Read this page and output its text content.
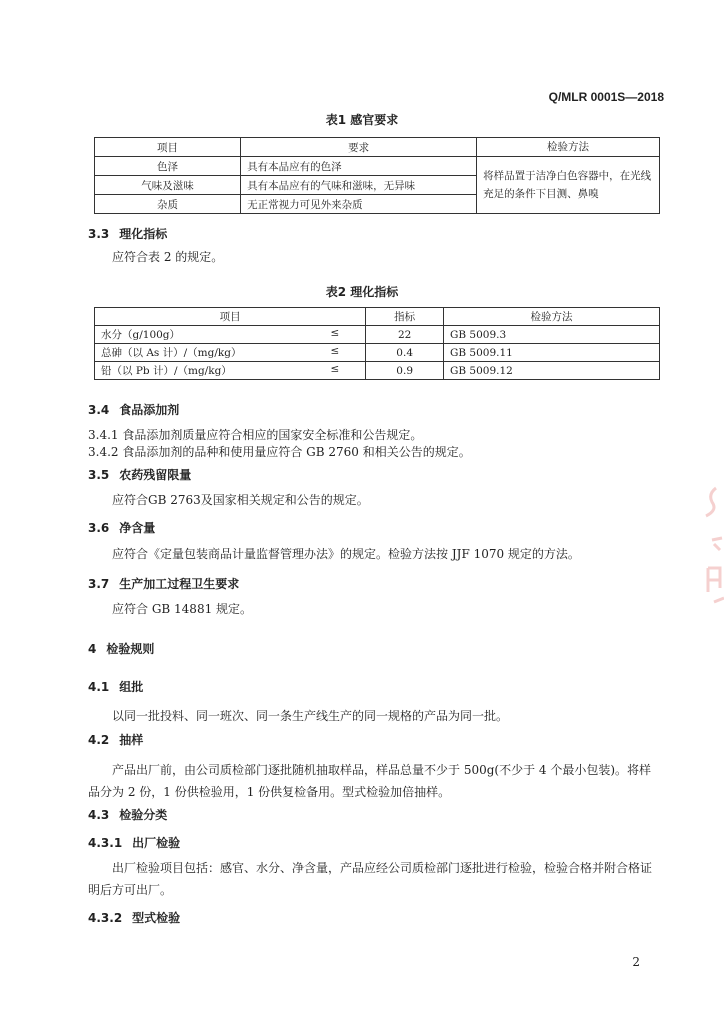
Q/MLR 0001S—2018
表1 感官要求
项目	要求	检验方法
色泽	具有本品应有的色泽	将样品置于洁净白色容器中，在光线充足的条件下目测、鼻嗅
气味及滋味	具有本品应有的气味和滋味，无异味	
杂质	无正常视力可见外来杂质	
3.3 理化指标
应符合表 2 的规定。
表2 理化指标
项目	指标	检验方法
水分（g/100g） ≤	22	GB 5009.3
总砷（以 As 计）/（mg/kg） ≤	0.4	GB 5009.11
铅（以 Pb 计）/（mg/kg） ≤	0.9	GB 5009.12
3.4 食品添加剂
3.4.1 食品添加剂质量应符合相应的国家安全标准和公告规定。
3.4.2 食品添加剂的品种和使用量应符合 GB 2760 和相关公告的规定。
3.5 农药残留限量
应符合GB 2763及国家相关规定和公告的规定。
3.6 净含量
应符合《定量包装商品计量监督管理办法》的规定。检验方法按 JJF 1070 规定的方法。
3.7 生产加工过程卫生要求
应符合 GB 14881 规定。
4 检验规则
4.1 组批
以同一批投料、同一班次、同一条生产线生产的同一规格的产品为同一批。
4.2 抽样
产品出厂前，由公司质检部门逐批随机抽取样品，样品总量不少于 500g(不少于 4 个最小包装)。将样品分为 2 份，1 份供检验用，1 份供复检备用。型式检验加倍抽样。
4.3 检验分类
4.3.1 出厂检验
出厂检验项目包括：感官、水分、净含量，产品应经公司质检部门逐批进行检验，检验合格并附合格证明后方可出厂。
4.3.2 型式检验
2
